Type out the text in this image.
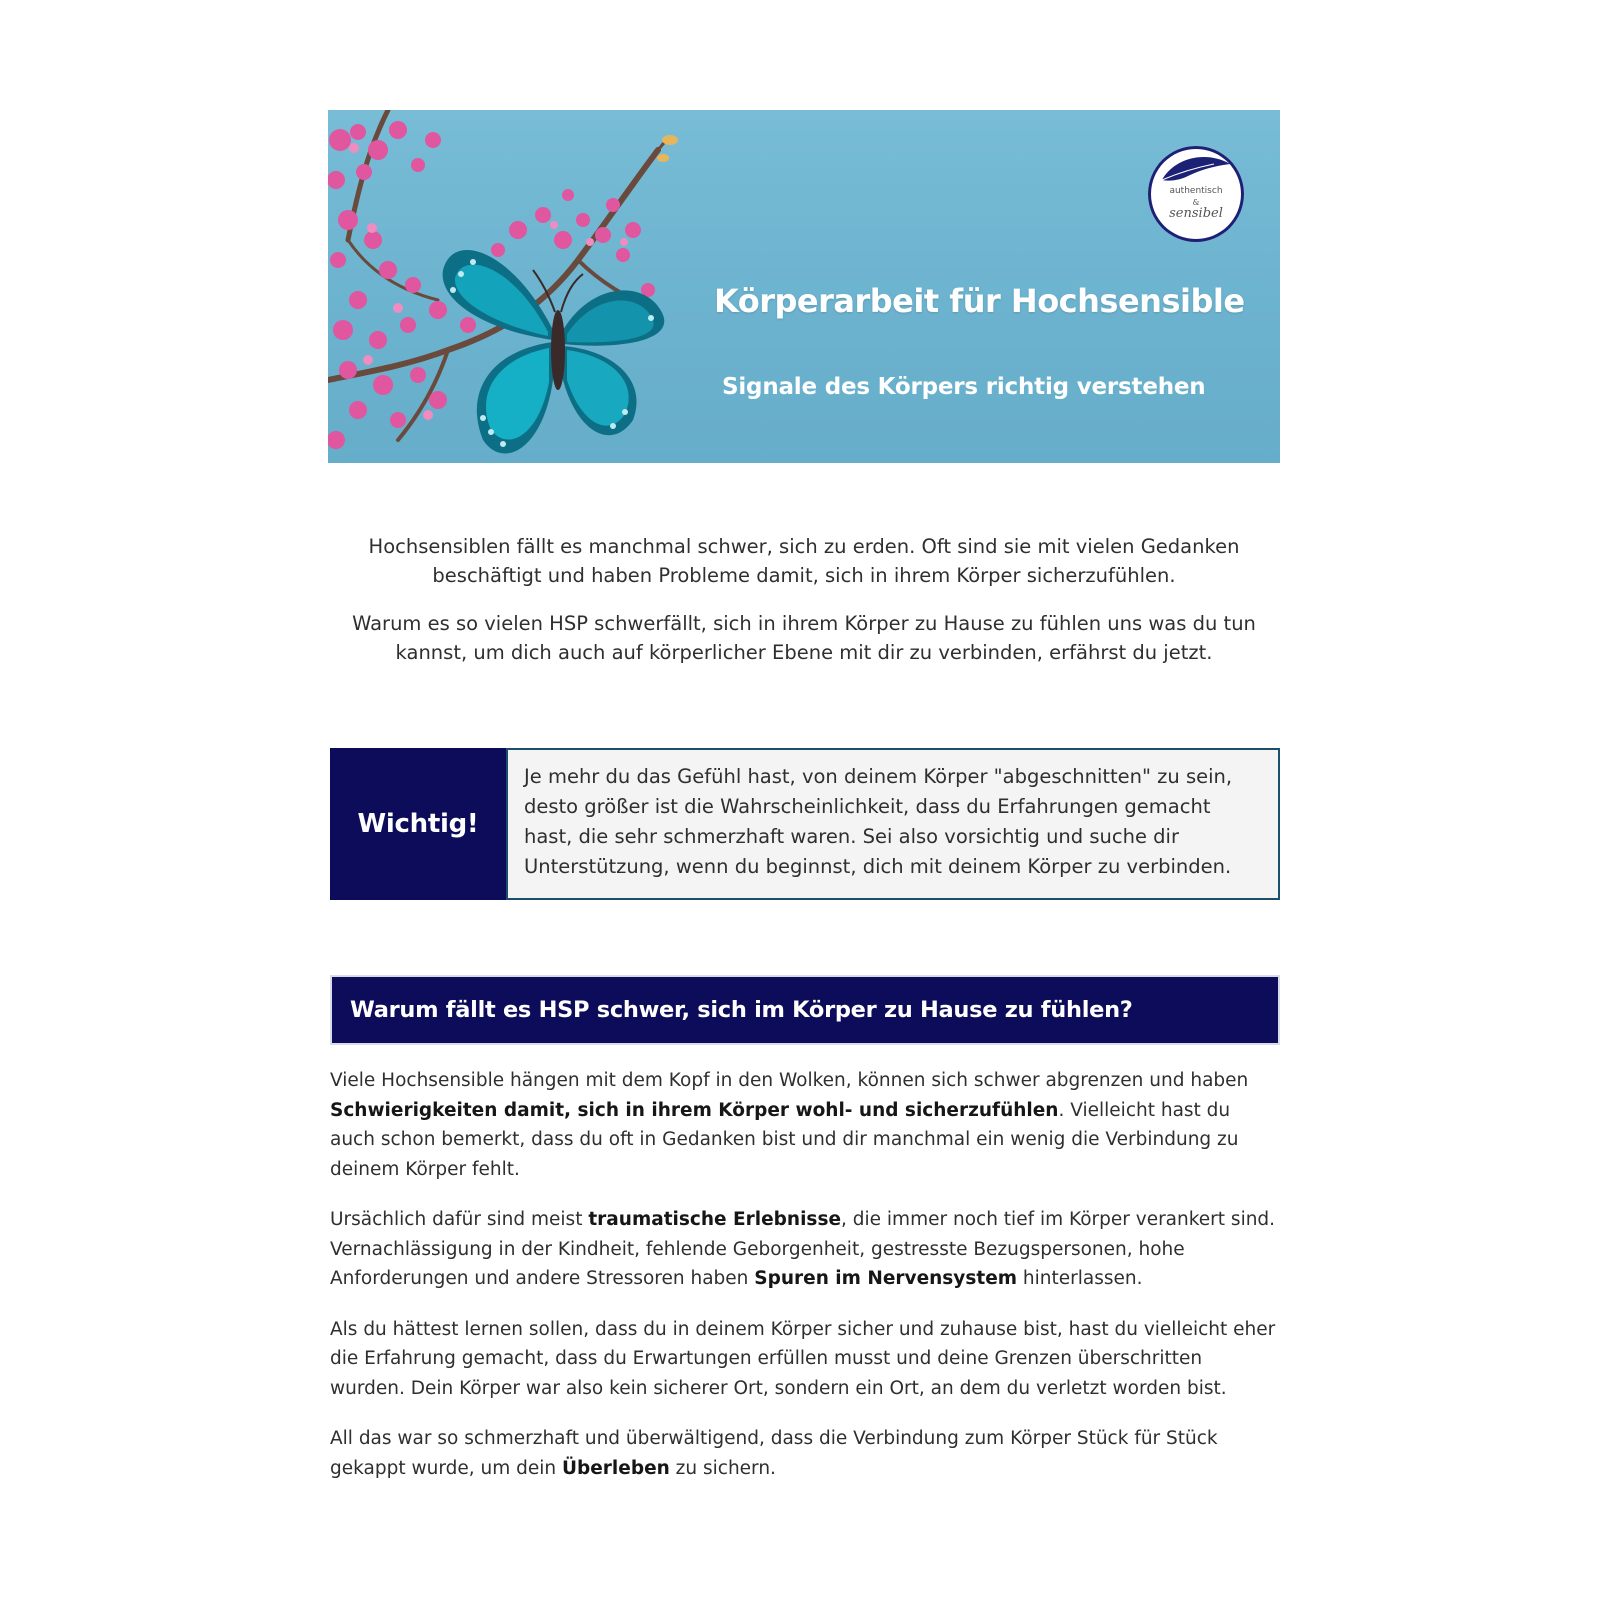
authentisch
&
sensibel
Körperarbeit für Hochsensible
Signale des Körpers richtig verstehen

Hochsensiblen fällt es manchmal schwer, sich zu erden. Oft sind sie mit vielen Gedanken beschäftigt und haben Probleme damit, sich in ihrem Körper sicherzufühlen.

Warum es so vielen HSP schwerfällt, sich in ihrem Körper zu Hause zu fühlen uns was du tun kannst, um dich auch auf körperlicher Ebene mit dir zu verbinden, erfährst du jetzt.

Wichtig!

Je mehr du das Gefühl hast, von deinem Körper "abgeschnitten" zu sein, desto größer ist die Wahrscheinlichkeit, dass du Erfahrungen gemacht hast, die sehr schmerzhaft waren. Sei also vorsichtig und suche dir Unterstützung, wenn du beginnst, dich mit deinem Körper zu verbinden.

Warum fällt es HSP schwer, sich im Körper zu Hause zu fühlen?

Viele Hochsensible hängen mit dem Kopf in den Wolken, können sich schwer abgrenzen und haben Schwierigkeiten damit, sich in ihrem Körper wohl- und sicherzufühlen. Vielleicht hast du auch schon bemerkt, dass du oft in Gedanken bist und dir manchmal ein wenig die Verbindung zu deinem Körper fehlt.

Ursächlich dafür sind meist traumatische Erlebnisse, die immer noch tief im Körper verankert sind. Vernachlässigung in der Kindheit, fehlende Geborgenheit, gestresste Bezugspersonen, hohe Anforderungen und andere Stressoren haben Spuren im Nervensystem hinterlassen.

Als du hättest lernen sollen, dass du in deinem Körper sicher und zuhause bist, hast du vielleicht eher die Erfahrung gemacht, dass du Erwartungen erfüllen musst und deine Grenzen überschritten wurden. Dein Körper war also kein sicherer Ort, sondern ein Ort, an dem du verletzt worden bist.

All das war so schmerzhaft und überwältigend, dass die Verbindung zum Körper Stück für Stück gekappt wurde, um dein Überleben zu sichern.
